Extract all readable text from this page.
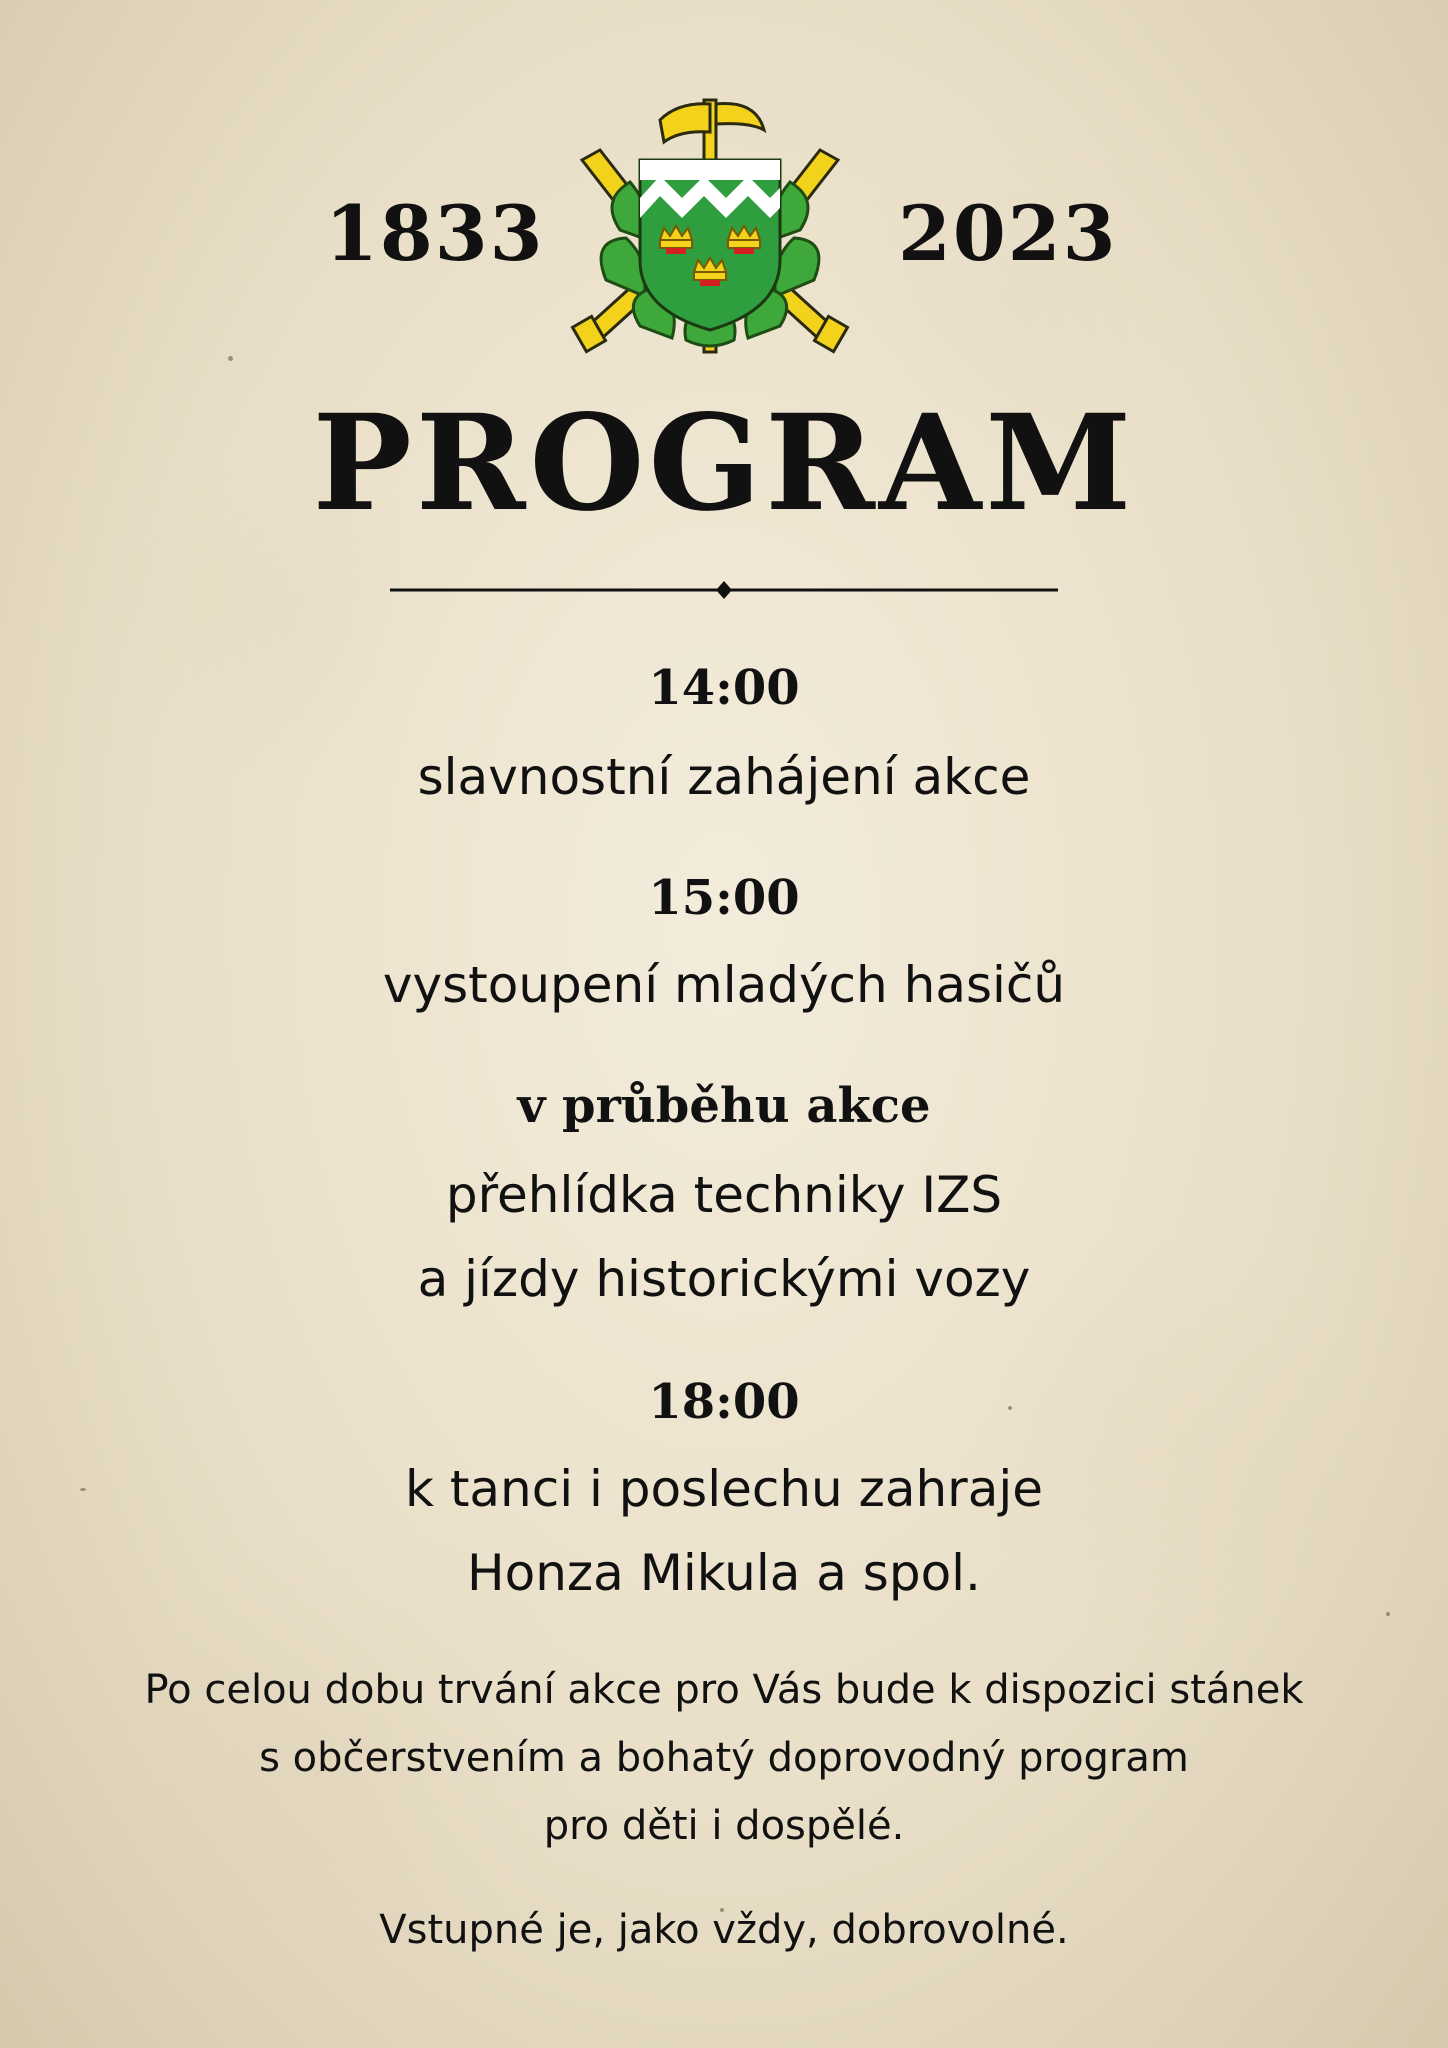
1833	2023
PROGRAM
14:00
slavnostní zahájení akce
15:00
vystoupení mladých hasičů
v průběhu akce
přehlídka techniky IZS
a jízdy historickými vozy
18:00
k tanci i poslechu zahraje
Honza Mikula a spol.
Po celou dobu trvání akce pro Vás bude k dispozici stánek
s občerstvením a bohatý doprovodný program
pro děti i dospělé.
Vstupné je, jako vždy, dobrovolné.
